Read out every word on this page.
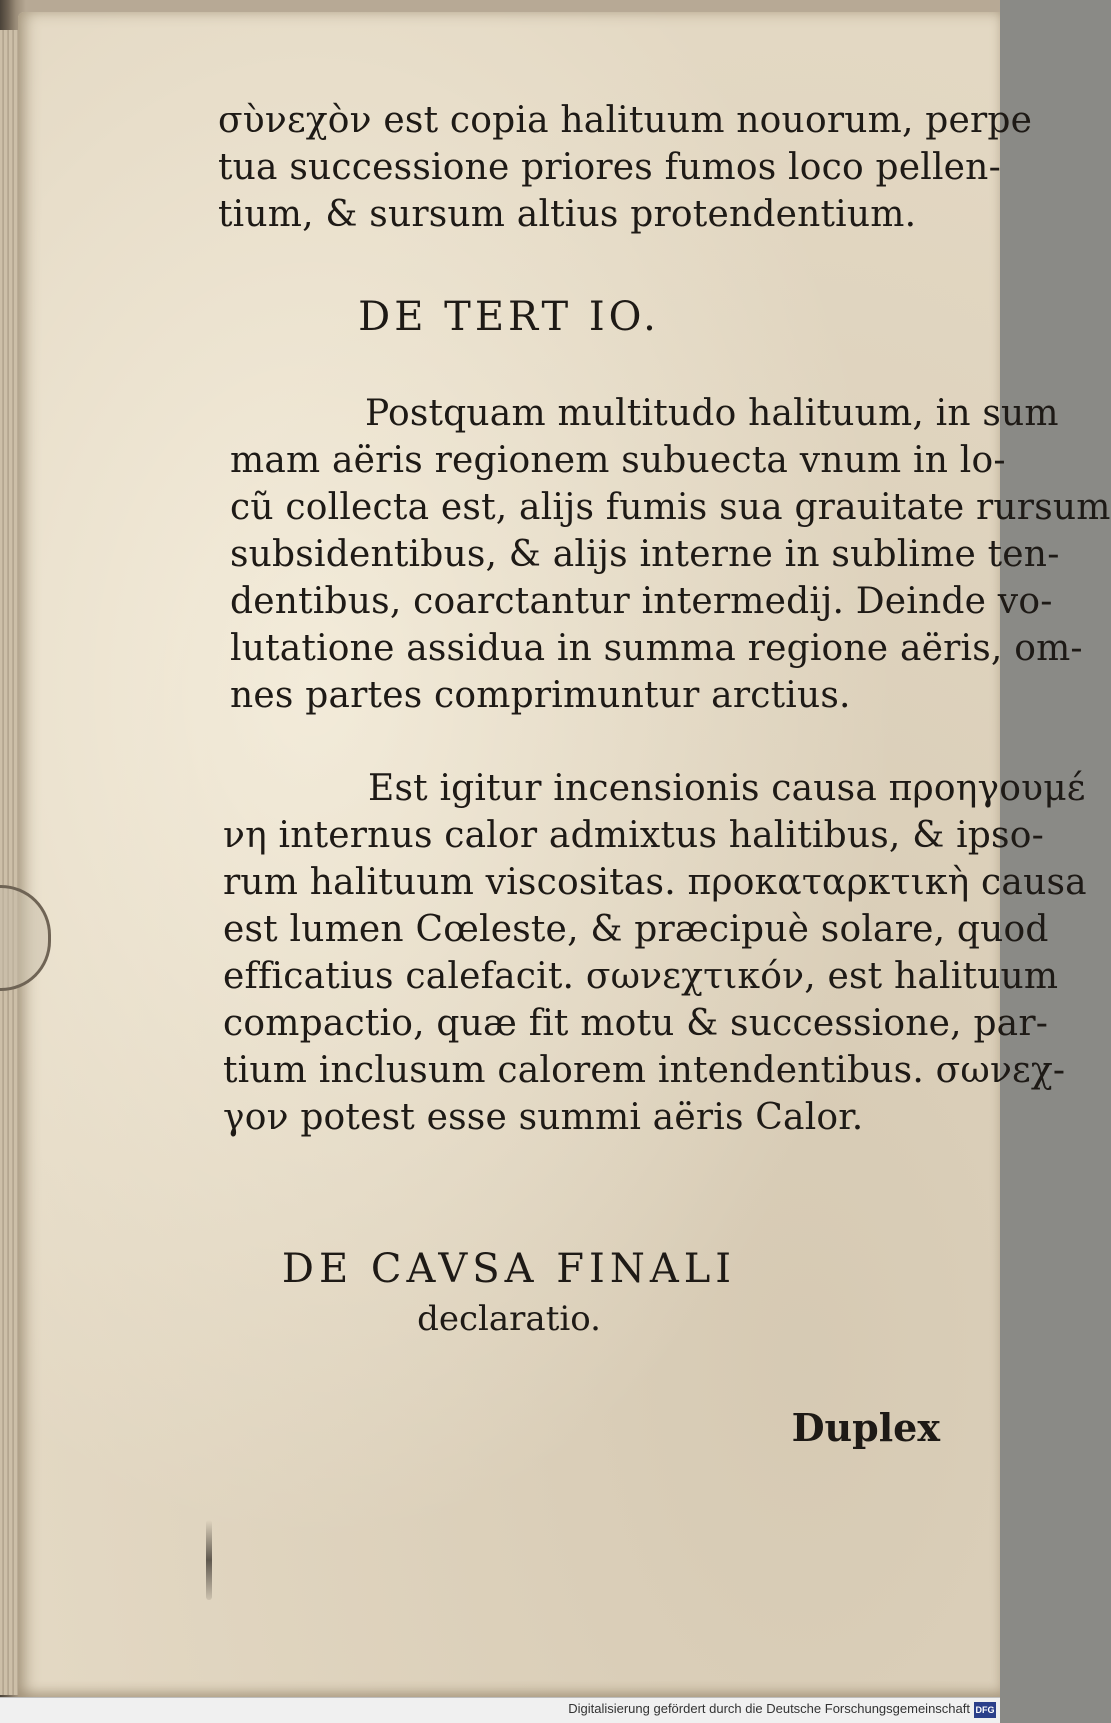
σὺνεχὸν est copia halituum nouorum, perpe
tua successione priores fumos loco pellen-
tium, & sursum altius protendentium.
DE TERT IO.
Postquam multitudo halituum, in sum
mam aëris regionem subuecta vnum in lo-
cũ collecta est, alijs fumis sua grauitate rursum
subsidentibus, & alijs interne in sublime ten-
dentibus, coarctantur intermedij. Deinde vo-
lutatione assidua in summa regione aëris, om-
nes partes comprimuntur arctius.
Est igitur incensionis causa προηγουμέ
νη internus calor admixtus halitibus, & ipso-
rum halituum viscositas. προκαταρκτικὴ causa
est lumen Cœleste, & præcipuè solare, quod
efficatius calefacit. σωνεχτικόν, est halituum
compactio, quæ fit motu & successione, par-
tium inclusum calorem intendentibus. σωνεχ-
γον potest esse summi aëris Calor.
DE CAVSA FINALI
declaratio.
Duplex
Digitalisierung gefördert durch die Deutsche Forschungsgemeinschaft DFG
